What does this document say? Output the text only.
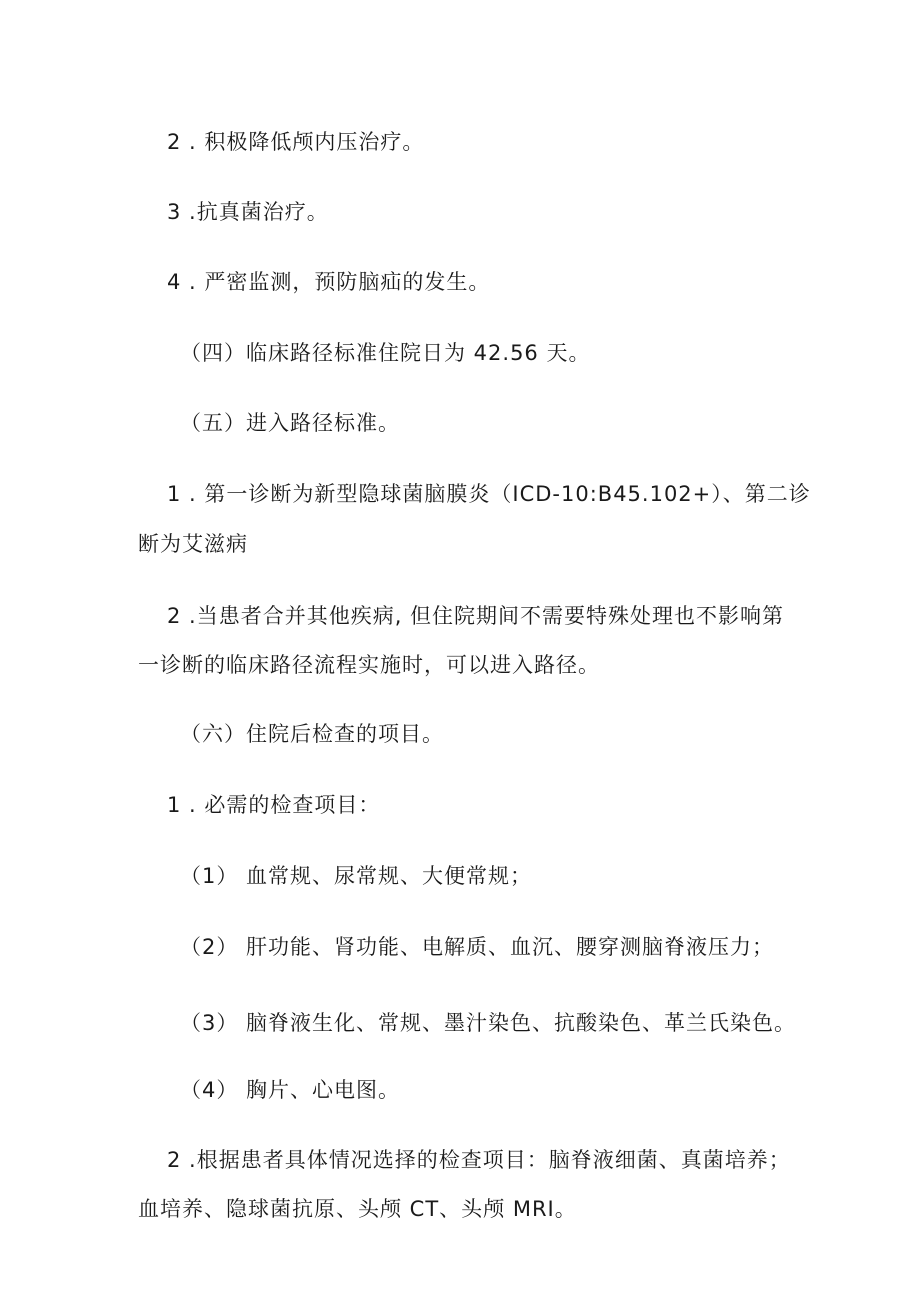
2 . 积极降低颅内压治疗。
3 .抗真菌治疗。
4 . 严密监测，预防脑疝的发生。
（四）临床路径标准住院日为 42.56 天。
（五）进入路径标准。
1 . 第一诊断为新型隐球菌脑膜炎（ICD-10:B45.102+）、第二诊
断为艾滋病
2 .当患者合并其他疾病, 但住院期间不需要特殊处理也不影响第
一诊断的临床路径流程实施时，可以进入路径。
（六）住院后检查的项目。
1 . 必需的检查项目：
（1） 血常规、尿常规、大便常规；
（2） 肝功能、肾功能、电解质、血沉、腰穿测脑脊液压力；
（3） 脑脊液生化、常规、墨汁染色、抗酸染色、革兰氏染色。
（4） 胸片、心电图。
2 .根据患者具体情况选择的检查项目：脑脊液细菌、真菌培养；
血培养、隐球菌抗原、头颅 CT、头颅 MRI。
